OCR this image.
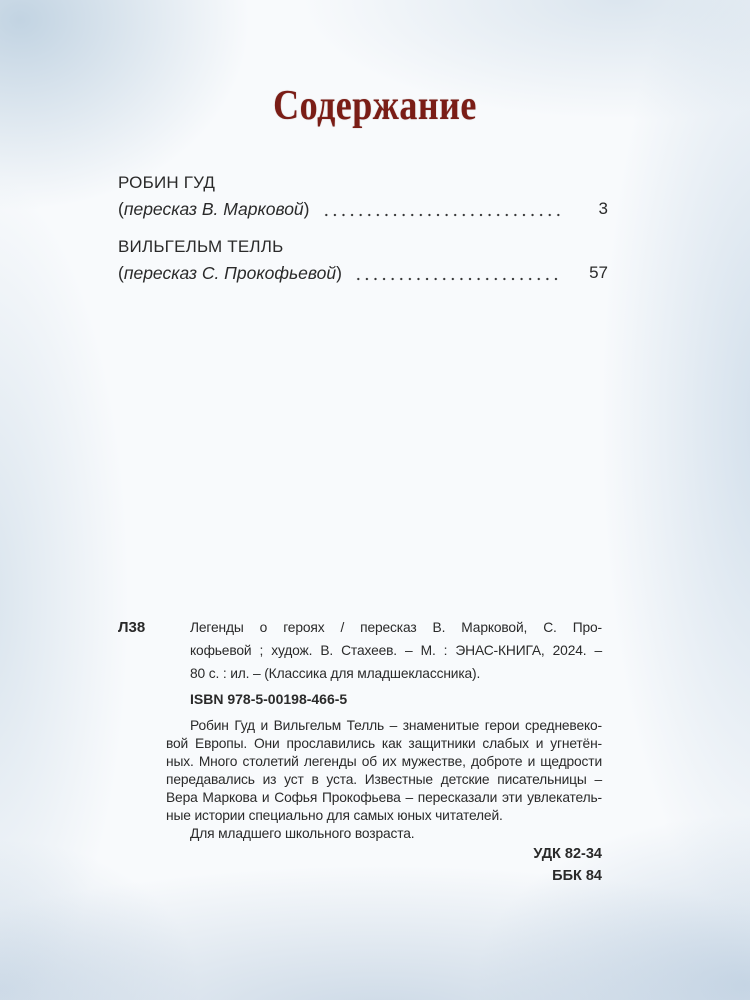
Содержание
РОБИН ГУД
(пересказ В. Марковой)	3
ВИЛЬГЕЛЬМ ТЕЛЛЬ
(пересказ С. Прокофьевой)	57
Л38	Легенды о героях / пересказ В. Марковой, С. Про-
кофьевой ; худож. В. Стахеев. – М. : ЭНАС-КНИГА, 2024. –
80 с. : ил. – (Классика для младшеклассника).
ISBN 978-5-00198-466-5
Робин Гуд и Вильгельм Телль – знаменитые герои средневеко-
вой Европы. Они прославились как защитники слабых и угнетён-
ных. Много столетий легенды об их мужестве, доброте и щедрости
передавались из уст в уста. Известные детские писательницы –
Вера Маркова и Софья Прокофьева – пересказали эти увлекатель-
ные истории специально для самых юных читателей.
Для младшего школьного возраста.
УДК 82-34
ББК 84
